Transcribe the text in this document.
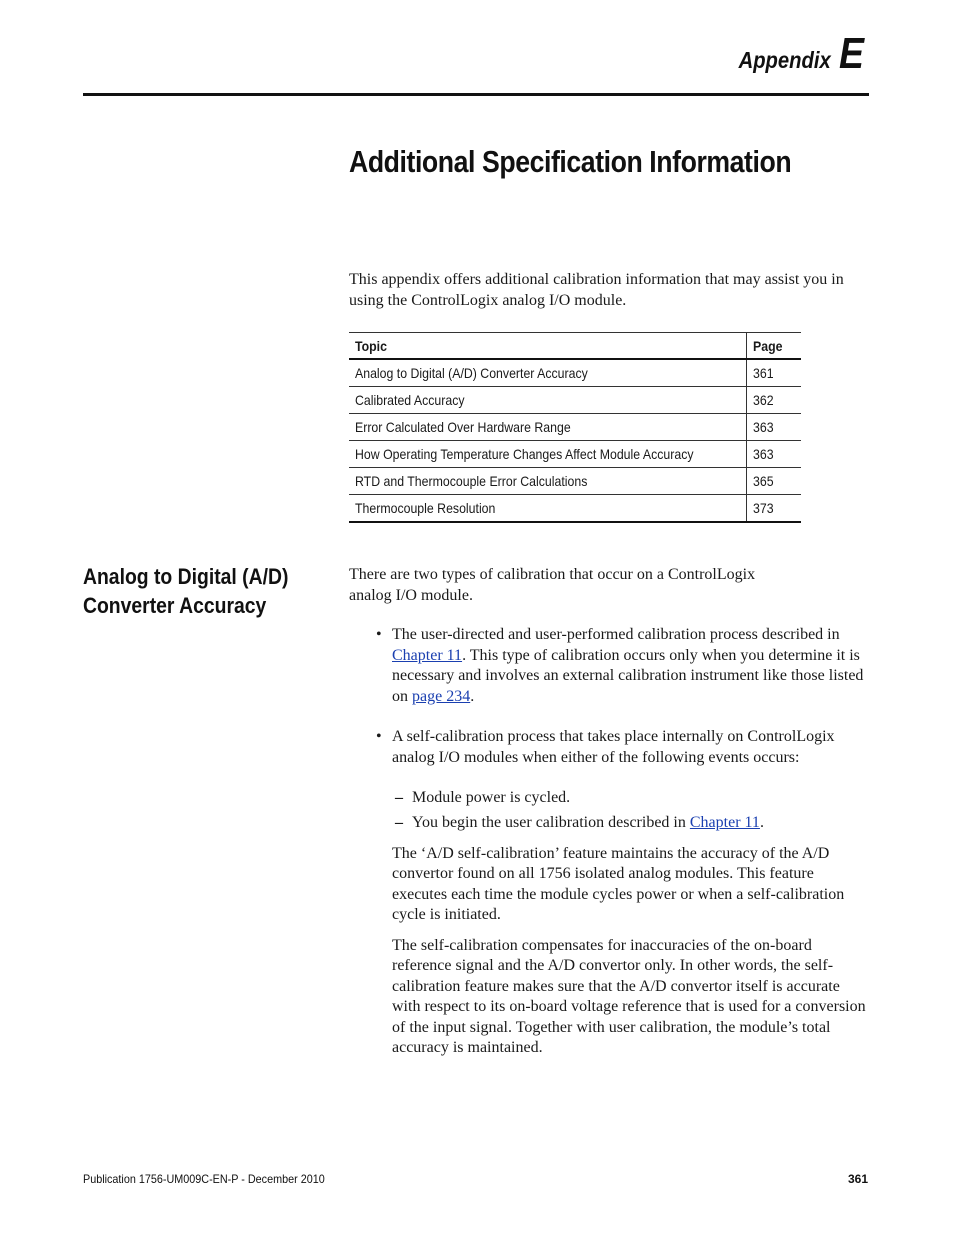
Appendix E
Additional Specification Information

This appendix offers additional calibration information that may assist you in using the ControlLogix analog I/O module.

Topic	Page
Analog to Digital (A/D) Converter Accuracy	361
Calibrated Accuracy	362
Error Calculated Over Hardware Range	363
How Operating Temperature Changes Affect Module Accuracy	363
RTD and Thermocouple Error Calculations	365
Thermocouple Resolution	373
Analog to Digital (A/D)
Converter Accuracy

There are two types of calibration that occur on a ControlLogix analog I/O module.

• The user-directed and user-performed calibration process described in Chapter 11. This type of calibration occurs only when you determine it is necessary and involves an external calibration instrument like those listed on page 234.
• A self-calibration process that takes place internally on ControlLogix analog I/O modules when either of the following events occurs:
– Module power is cycled.
– You begin the user calibration described in Chapter 11.

The ‘A/D self-calibration’ feature maintains the accuracy of the A/D convertor found on all 1756 isolated analog modules. This feature executes each time the module cycles power or when a self-calibration cycle is initiated.

The self-calibration compensates for inaccuracies of the on-board reference signal and the A/D convertor only. In other words, the self-calibration feature makes sure that the A/D convertor itself is accurate with respect to its on-board voltage reference that is used for a conversion of the input signal. Together with user calibration, the module’s total accuracy is maintained.

Publication 1756-UM009C-EN-P - December 2010	361
